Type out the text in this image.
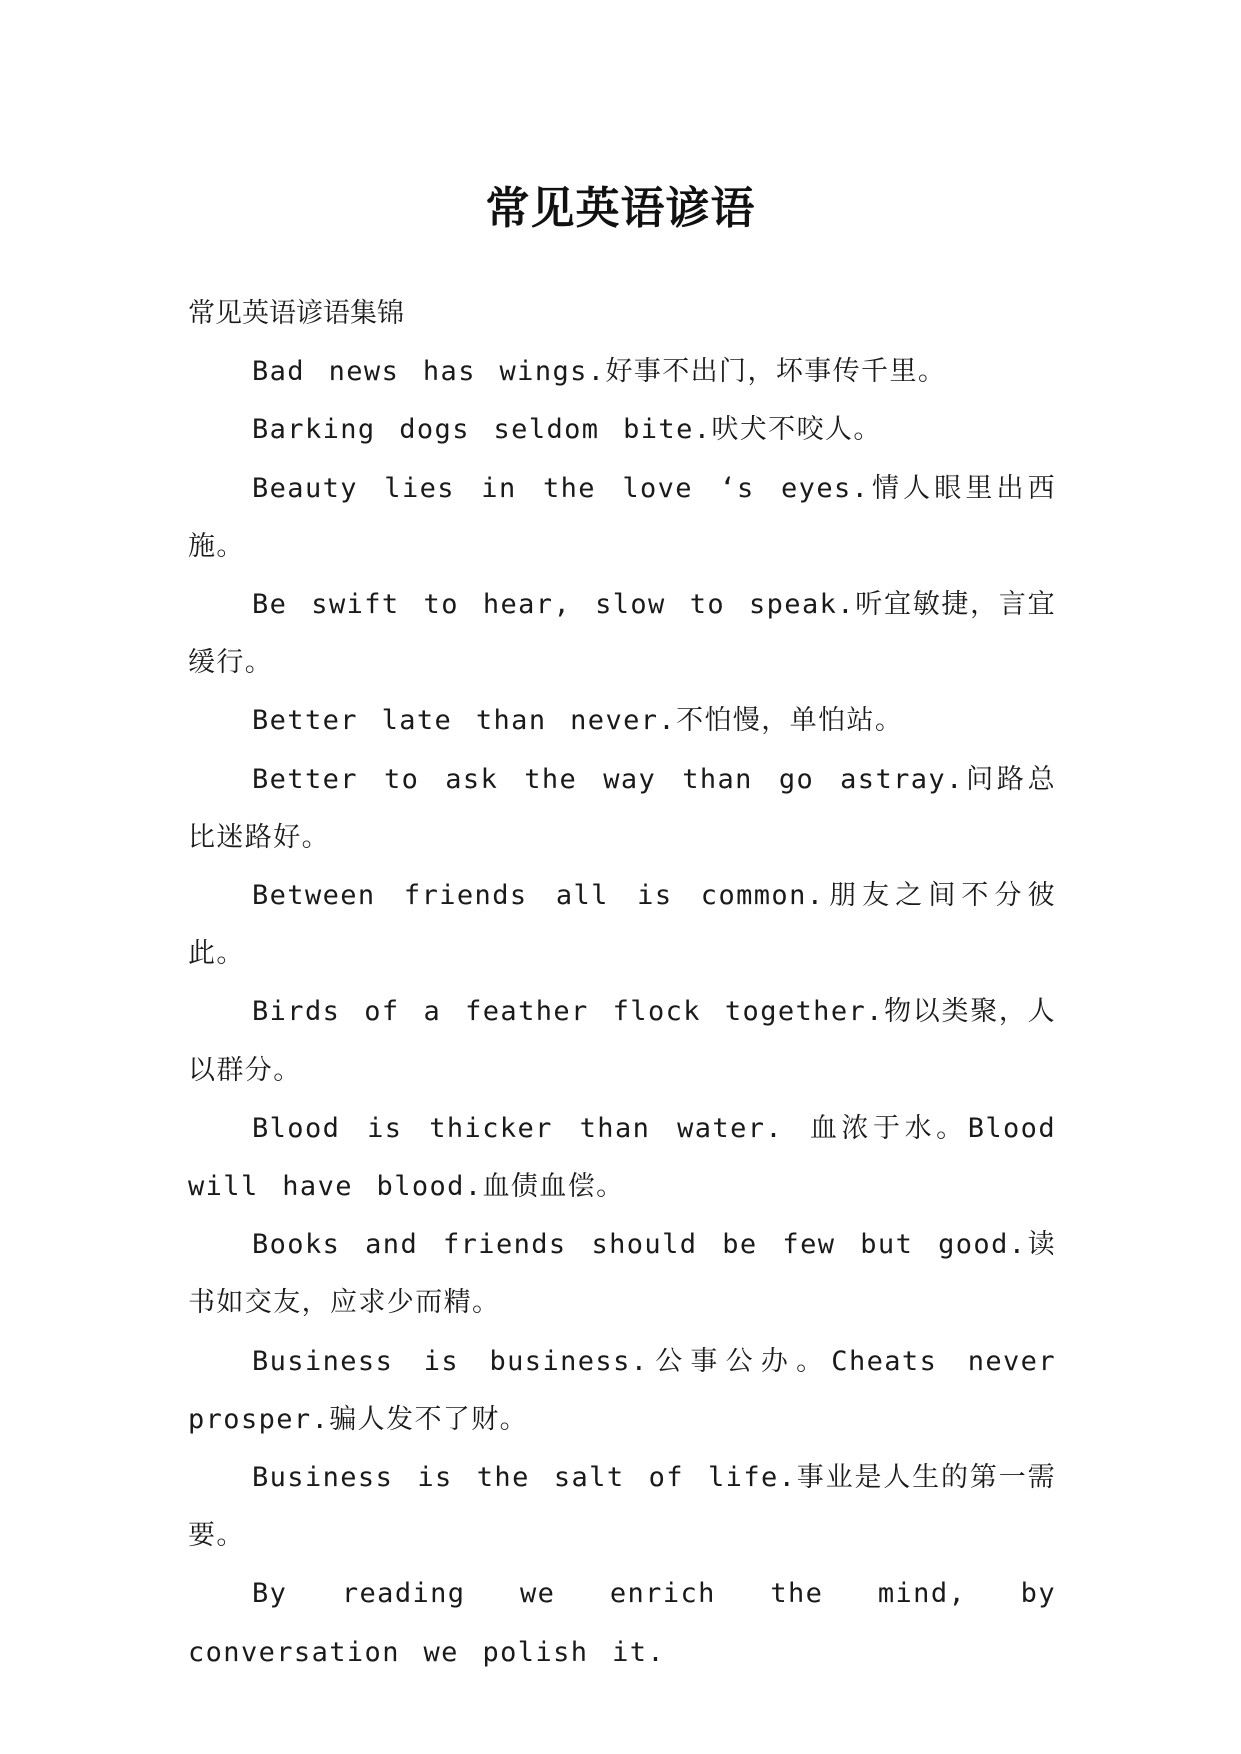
常见英语谚语

常见英语谚语集锦

Bad news has wings.好事不出门，坏事传千里。

Barking dogs seldom bite.吠犬不咬人。

Beauty lies in the love ‘s eyes.情人眼里出西施。

Be swift to hear, slow to speak.听宜敏捷，言宜缓行。

Better late than never.不怕慢，单怕站。

Better to ask the way than go astray.问路总比迷路好。

Between friends all is common.朋友之间不分彼此。

Birds of a feather flock together.物以类聚，人以群分。

Blood is thicker than water. 血浓于水。Blood will have blood.血债血偿。

Books and friends should be few but good.读书如交友，应求少而精。

Business is business.公事公办。Cheats never prosper.骗人发不了财。

Business is the salt of life.事业是人生的第一需要。

By reading we enrich the mind, by conversation we polish it.
